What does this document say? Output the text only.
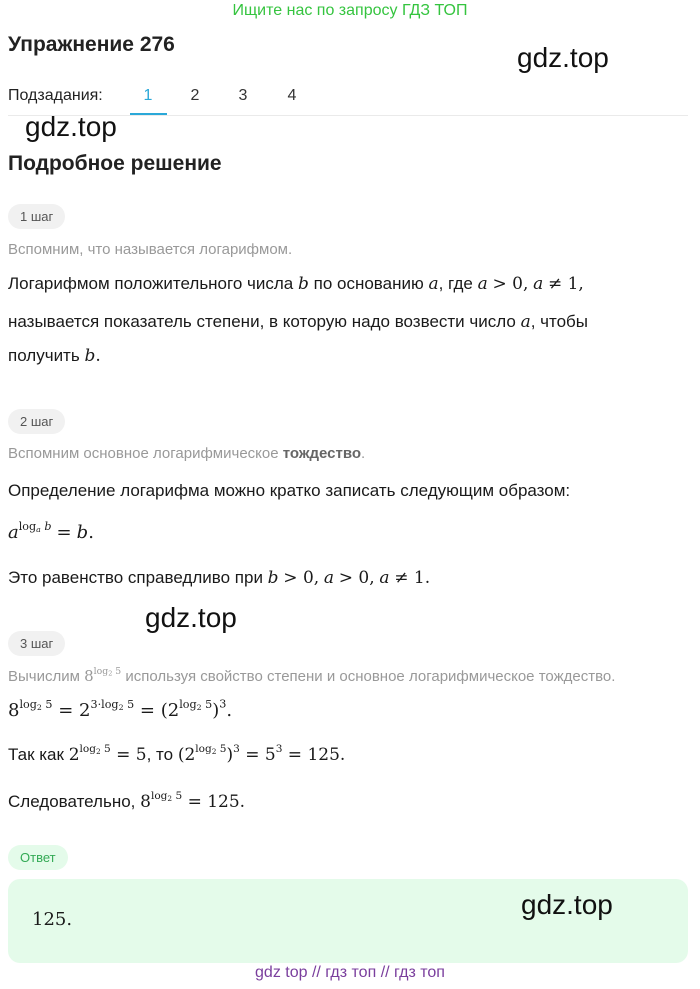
Ищите нас по запросу ГДЗ ТОП
Упражнение 276	gdz.top
Подзадания:	1	2	3	4
gdz.top
Подробное решение
1 шаг
Вспомним, что называется логарифмом.
Логарифмом положительного числа b по основанию a, где a > 0, a ≠ 1,
называется показатель степени, в которую надо возвести число a, чтобы
получить b.
2 шаг
Вспомним основное логарифмическое тождество.
Определение логарифма можно кратко записать следующим образом:
$a^{log_a b} = b$.
Это равенство справедливо при b > 0, a > 0, a ≠ 1.
gdz.top
3 шаг
Вычислим $8^{log_2 5}$ используя свойство степени и основное логарифмическое тождество.
$8^{log_2 5} = 2^{3\cdot log_2 5} = (2^{log_2 5})^3$.
Так как $2^{log_2 5} = 5$, то $(2^{log_2 5})^3 = 5^3 = 125$.
Следовательно, $8^{log_2 5} = 125$.
Ответ
125.	gdz.top
gdz top // гдз топ // гдз топ
